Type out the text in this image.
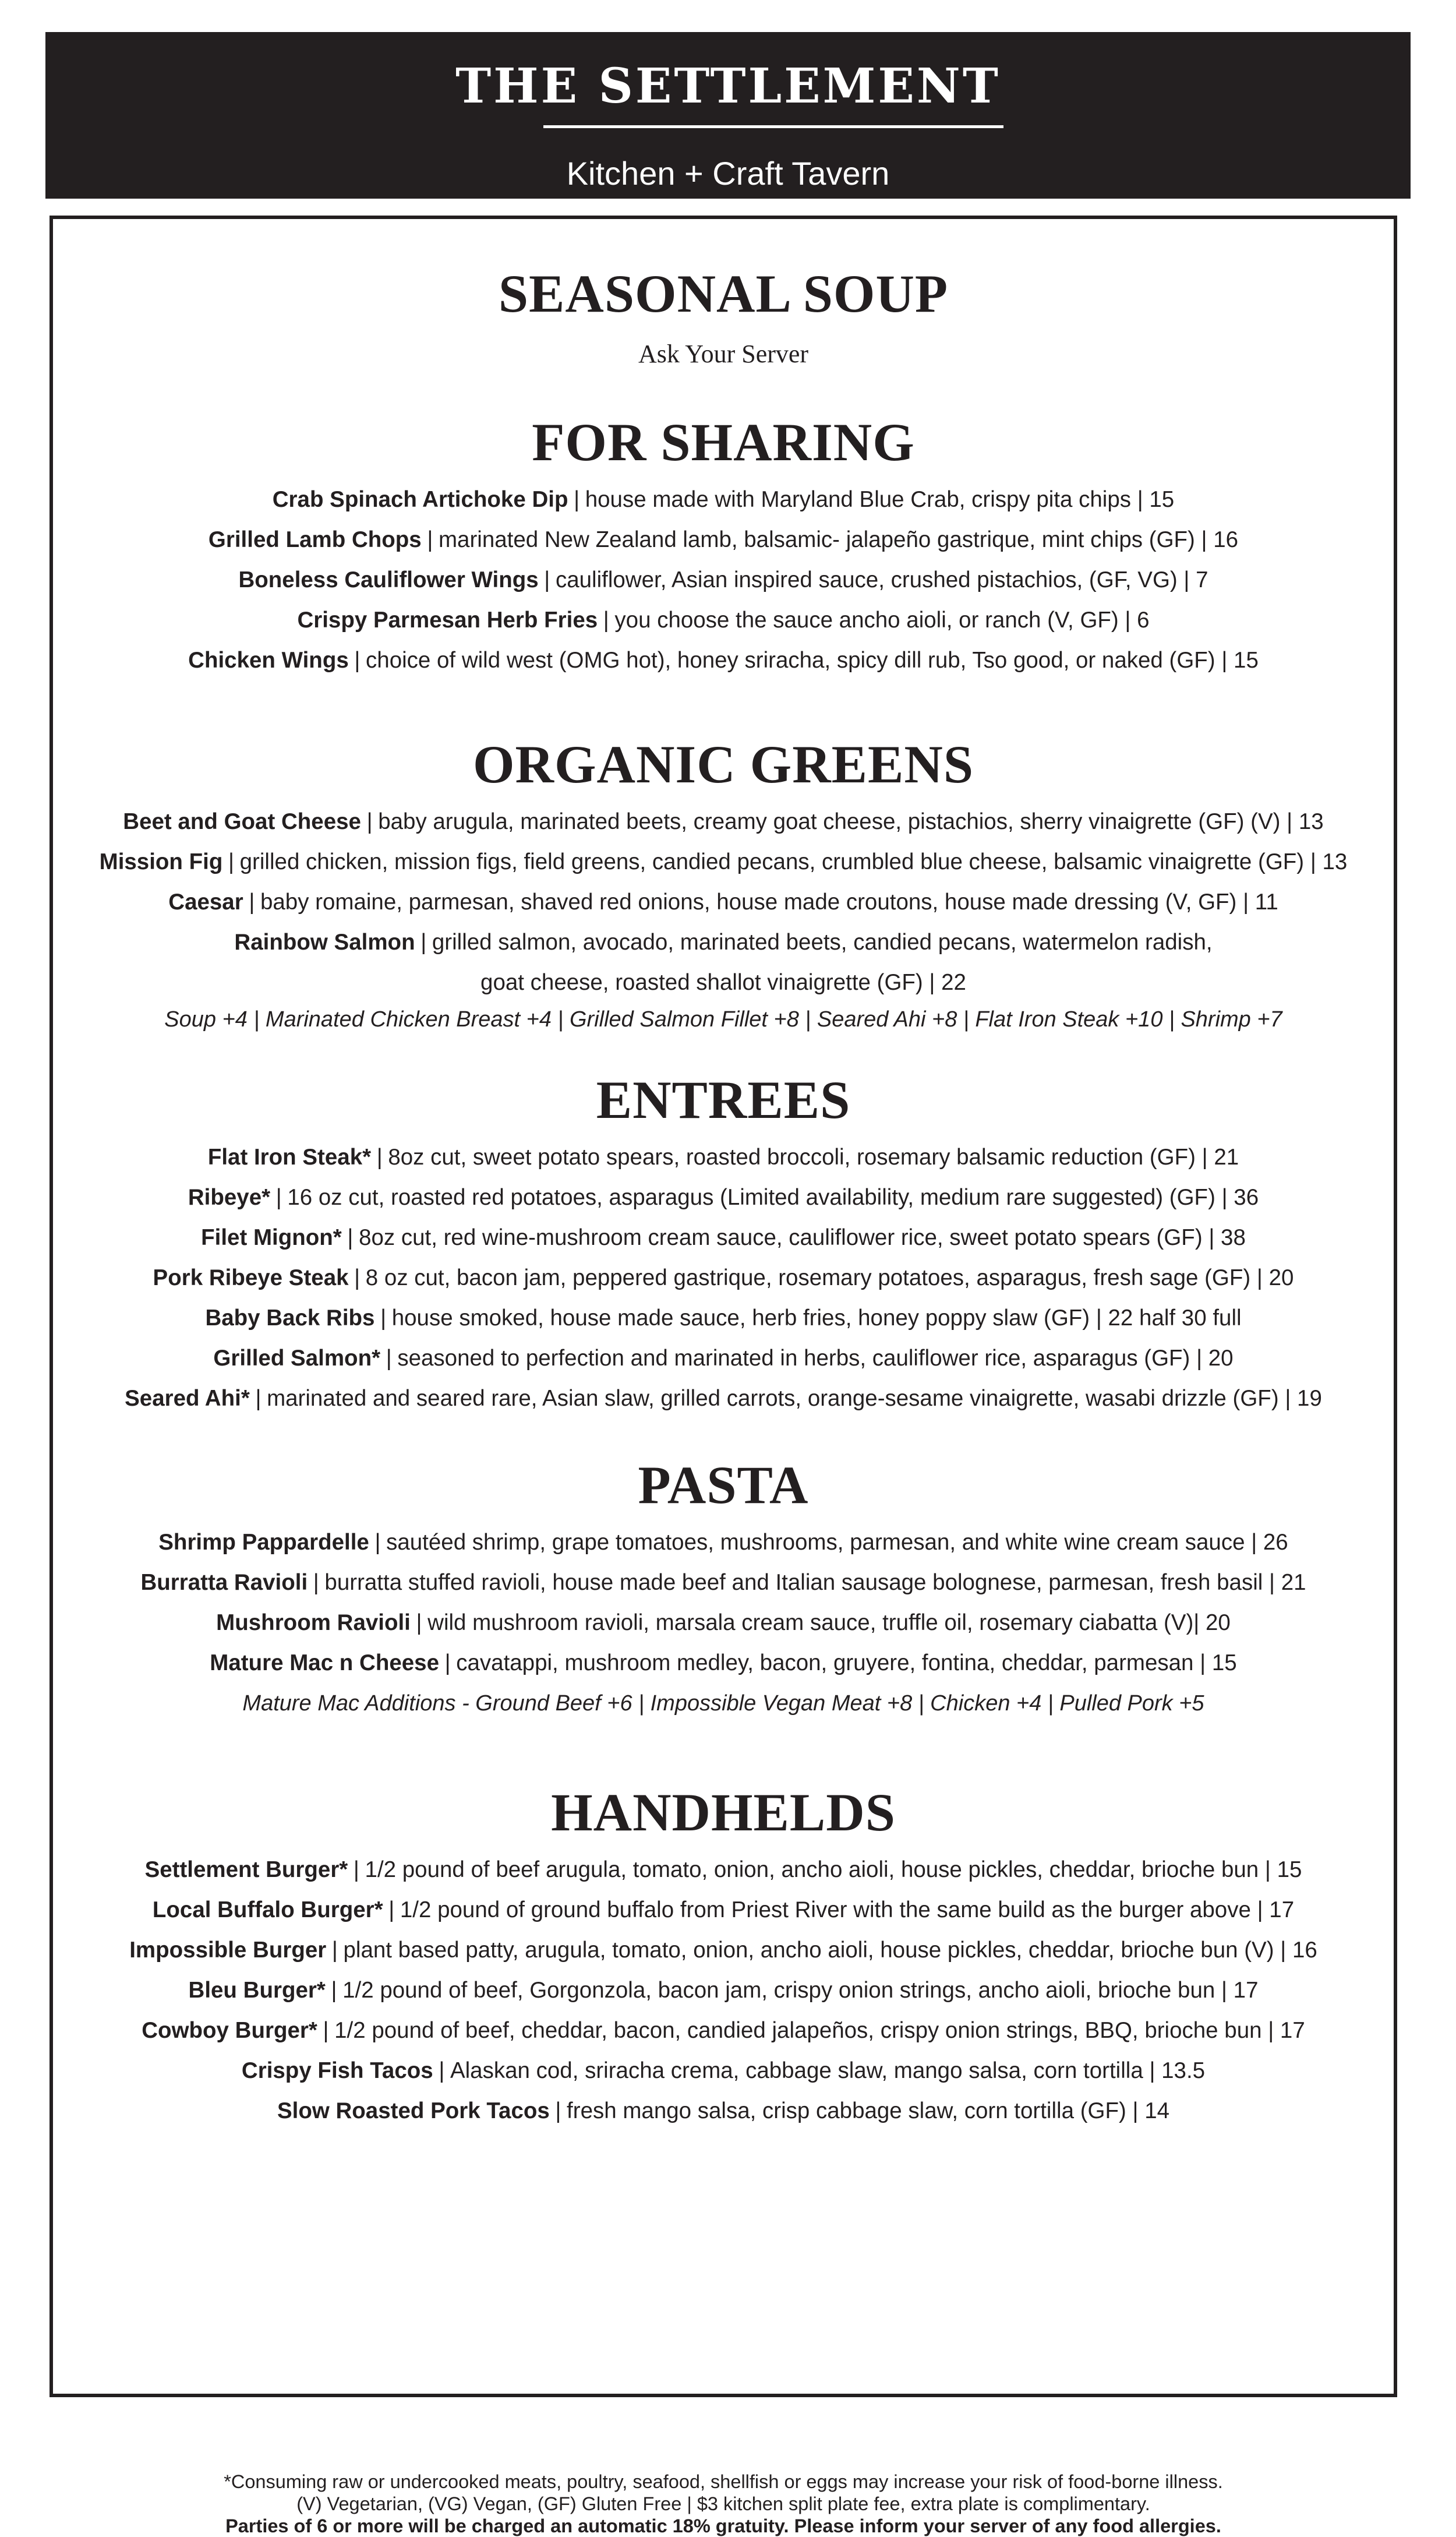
THE SETTLEMENT
Kitchen + Craft Tavern
SEASONAL SOUP
Ask Your Server
FOR SHARING
Crab Spinach Artichoke Dip | house made with Maryland Blue Crab, crispy pita chips | 15
Grilled Lamb Chops | marinated New Zealand lamb, balsamic- jalapeño gastrique, mint chips (GF) | 16
Boneless Cauliflower Wings | cauliflower, Asian inspired sauce, crushed pistachios, (GF, VG) | 7
Crispy Parmesan Herb Fries | you choose the sauce ancho aioli, or ranch (V, GF) | 6
Chicken Wings | choice of wild west (OMG hot), honey sriracha, spicy dill rub, Tso good, or naked (GF) | 15
ORGANIC GREENS
Beet and Goat Cheese | baby arugula, marinated beets, creamy goat cheese, pistachios, sherry vinaigrette (GF) (V) | 13
Mission Fig | grilled chicken, mission figs, field greens, candied pecans, crumbled blue cheese, balsamic vinaigrette (GF) | 13
Caesar | baby romaine, parmesan, shaved red onions, house made croutons, house made dressing (V, GF) | 11
Rainbow Salmon | grilled salmon, avocado, marinated beets, candied pecans, watermelon radish,
goat cheese, roasted shallot vinaigrette (GF) | 22
Soup +4 | Marinated Chicken Breast +4 | Grilled Salmon Fillet +8 | Seared Ahi +8 | Flat Iron Steak +10 | Shrimp +7
ENTREES
Flat Iron Steak* | 8oz cut, sweet potato spears, roasted broccoli, rosemary balsamic reduction (GF) | 21
Ribeye* | 16 oz cut, roasted red potatoes, asparagus (Limited availability, medium rare suggested) (GF) | 36
Filet Mignon* | 8oz cut, red wine-mushroom cream sauce, cauliflower rice, sweet potato spears (GF) | 38
Pork Ribeye Steak | 8 oz cut, bacon jam, peppered gastrique, rosemary potatoes, asparagus, fresh sage (GF) | 20
Baby Back Ribs | house smoked, house made sauce, herb fries, honey poppy slaw (GF) | 22 half 30 full
Grilled Salmon* | seasoned to perfection and marinated in herbs, cauliflower rice, asparagus (GF) | 20
Seared Ahi* | marinated and seared rare, Asian slaw, grilled carrots, orange-sesame vinaigrette, wasabi drizzle (GF) | 19
PASTA
Shrimp Pappardelle | sautéed shrimp, grape tomatoes, mushrooms, parmesan, and white wine cream sauce | 26
Burratta Ravioli | burratta stuffed ravioli, house made beef and Italian sausage bolognese, parmesan, fresh basil | 21
Mushroom Ravioli | wild mushroom ravioli, marsala cream sauce, truffle oil, rosemary ciabatta (V)| 20
Mature Mac n Cheese | cavatappi, mushroom medley, bacon, gruyere, fontina, cheddar, parmesan | 15
Mature Mac Additions - Ground Beef +6 | Impossible Vegan Meat +8 | Chicken +4 | Pulled Pork +5
HANDHELDS
Settlement Burger* | 1/2 pound of beef arugula, tomato, onion, ancho aioli, house pickles, cheddar, brioche bun | 15
Local Buffalo Burger* | 1/2 pound of ground buffalo from Priest River with the same build as the burger above | 17
Impossible Burger | plant based patty, arugula, tomato, onion, ancho aioli, house pickles, cheddar, brioche bun (V) | 16
Bleu Burger* | 1/2 pound of beef, Gorgonzola, bacon jam, crispy onion strings, ancho aioli, brioche bun | 17
Cowboy Burger* | 1/2 pound of beef, cheddar, bacon, candied jalapeños, crispy onion strings, BBQ, brioche bun | 17
Crispy Fish Tacos | Alaskan cod, sriracha crema, cabbage slaw, mango salsa, corn tortilla | 13.5
Slow Roasted Pork Tacos | fresh mango salsa, crisp cabbage slaw, corn tortilla (GF) | 14
*Consuming raw or undercooked meats, poultry, seafood, shellfish or eggs may increase your risk of food-borne illness.
(V) Vegetarian, (VG) Vegan, (GF) Gluten Free | $3 kitchen split plate fee, extra plate is complimentary.
Parties of 6 or more will be charged an automatic 18% gratuity. Please inform your server of any food allergies.
